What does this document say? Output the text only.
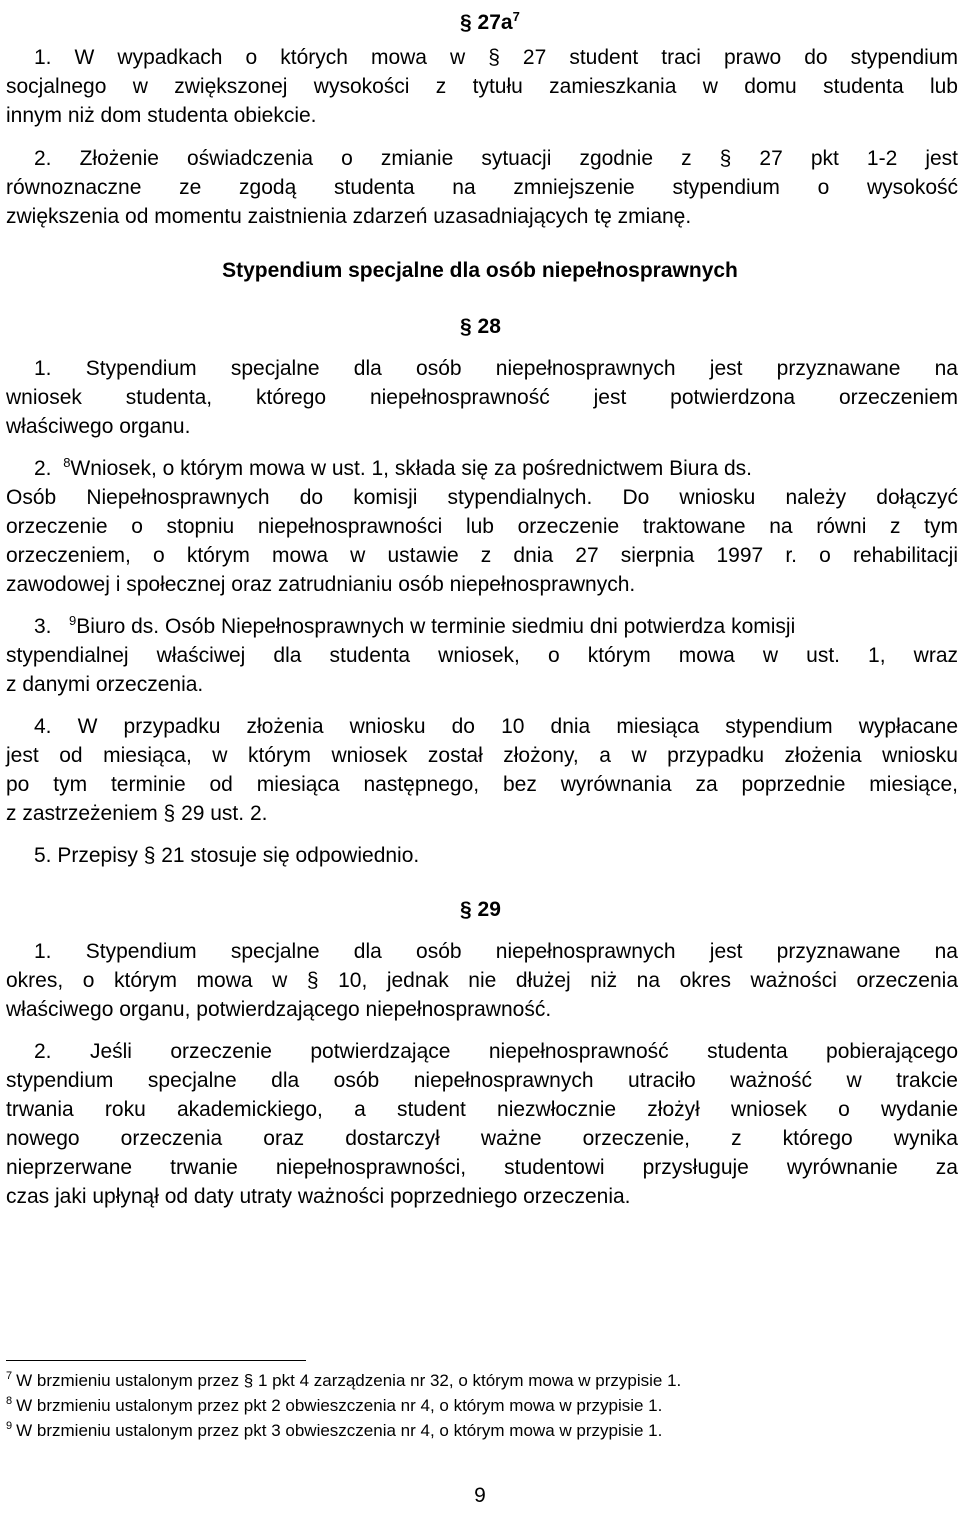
§ $27a^7$
1. W wypadkach o których mowa w § 27 student traci prawo do stypendium
socjalnego w zwiększonej wysokości z tytułu zamieszkania w domu studenta lub
innym niż dom studenta obiekcie.
2. Złożenie oświadczenia o zmianie sytuacji zgodnie z § 27 pkt 1-2 jest
równoznaczne ze zgodą studenta na zmniejszenie stypendium o wysokość
zwiększenia od momentu zaistnienia zdarzeń uzasadniających tę zmianę.
Stypendium specjalne dla osób niepełnosprawnych
§ 28
1. Stypendium specjalne dla osób niepełnosprawnych jest przyznawane na
wniosek studenta, którego niepełnosprawność jest potwierdzona orzeczeniem
właściwego organu.
2. $^8$Wniosek, o którym mowa w ust. 1, składa się za pośrednictwem Biura ds.
Osób Niepełnosprawnych do komisji stypendialnych. Do wniosku należy dołączyć
orzeczenie o stopniu niepełnosprawności lub orzeczenie traktowane na równi z tym
orzeczeniem, o którym mowa w ustawie z dnia 27 sierpnia 1997 r. o rehabilitacji
zawodowej i społecznej oraz zatrudnianiu osób niepełnosprawnych.
3. $^9$Biuro ds. Osób Niepełnosprawnych w terminie siedmiu dni potwierdza komisji
stypendialnej właściwej dla studenta wniosek, o którym mowa w ust. 1, wraz
z danymi orzeczenia.
4. W przypadku złożenia wniosku do 10 dnia miesiąca stypendium wypłacane
jest od miesiąca, w którym wniosek został złożony, a w przypadku złożenia wniosku
po tym terminie od miesiąca następnego, bez wyrównania za poprzednie miesiące,
z zastrzeżeniem § 29 ust. 2.
5. Przepisy § 21 stosuje się odpowiednio.
§ 29
1. Stypendium specjalne dla osób niepełnosprawnych jest przyznawane na
okres, o którym mowa w § 10, jednak nie dłużej niż na okres ważności orzeczenia
właściwego organu, potwierdzającego niepełnosprawność.
2. Jeśli orzeczenie potwierdzające niepełnosprawność studenta pobierającego
stypendium specjalne dla osób niepełnosprawnych utraciło ważność w trakcie
trwania roku akademickiego, a student niezwłocznie złożył wniosek o wydanie
nowego orzeczenia oraz dostarczył ważne orzeczenie, z którego wynika
nieprzerwane trwanie niepełnosprawności, studentowi przysługuje wyrównanie za
czas jaki upłynął od daty utraty ważności poprzedniego orzeczenia.
$^7$ W brzmieniu ustalonym przez § 1 pkt 4 zarządzenia nr 32, o którym mowa w przypisie 1.
$^8$ W brzmieniu ustalonym przez pkt 2 obwieszczenia nr 4, o którym mowa w przypisie 1.
$^9$ W brzmieniu ustalonym przez pkt 3 obwieszczenia nr 4, o którym mowa w przypisie 1.
9
